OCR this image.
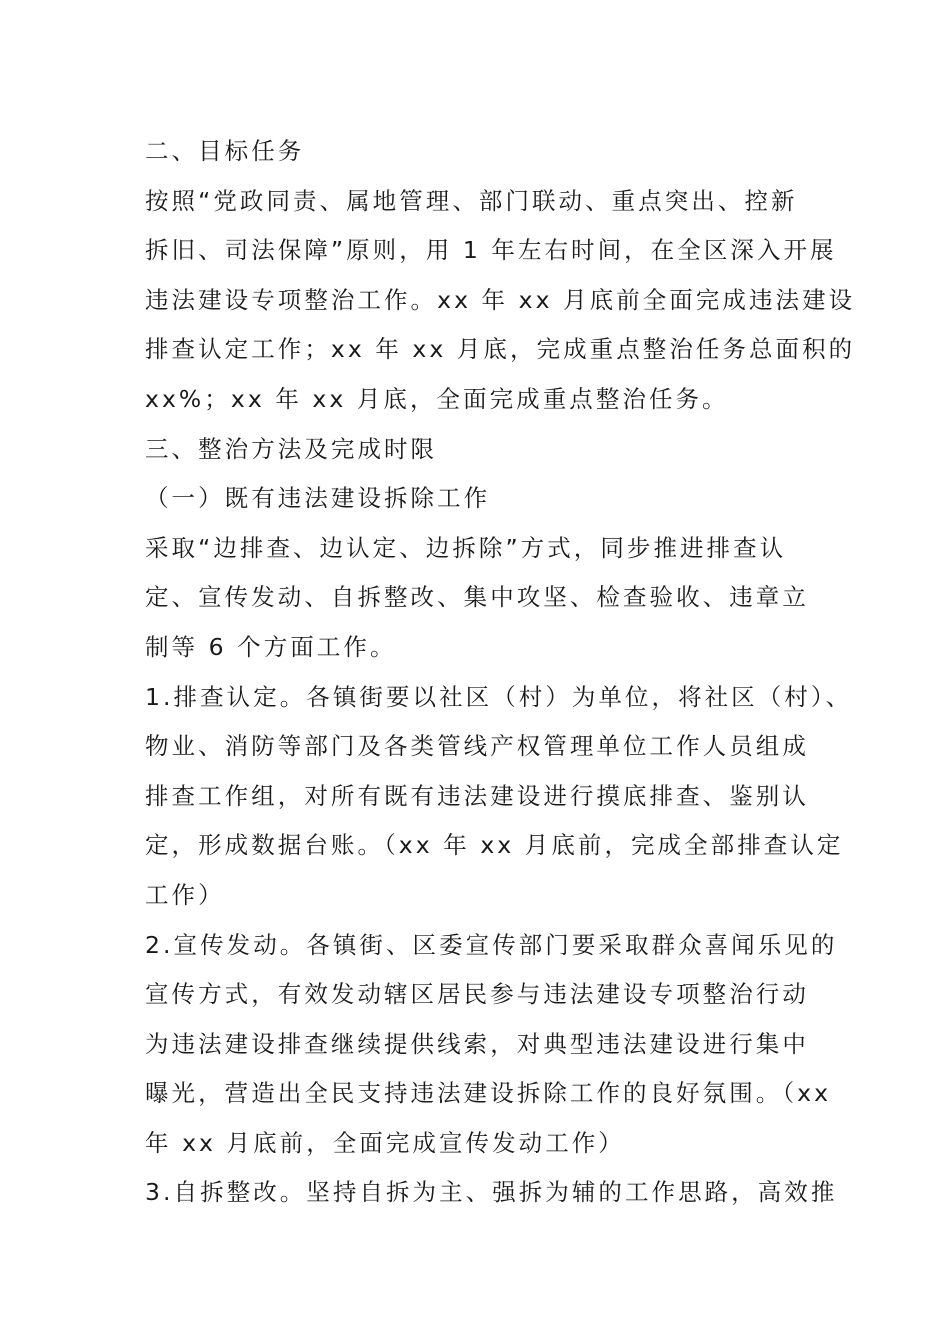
二、目标任务
按照“党政同责、属地管理、部门联动、重点突出、控新
拆旧、司法保障”原则，用 1 年左右时间，在全区深入开展
违法建设专项整治工作。xx 年 xx 月底前全面完成违法建设
排查认定工作；xx 年 xx 月底，完成重点整治任务总面积的
xx%；xx 年 xx 月底，全面完成重点整治任务。
三、整治方法及完成时限
（一）既有违法建设拆除工作
采取“边排查、边认定、边拆除”方式，同步推进排查认
定、宣传发动、自拆整改、集中攻坚、检查验收、违章立
制等 6 个方面工作。
1.排查认定。各镇街要以社区（村）为单位，将社区（村）、
物业、消防等部门及各类管线产权管理单位工作人员组成
排查工作组，对所有既有违法建设进行摸底排查、鉴别认
定，形成数据台账。（xx 年 xx 月底前，完成全部排查认定
工作）
2.宣传发动。各镇街、区委宣传部门要采取群众喜闻乐见的
宣传方式，有效发动辖区居民参与违法建设专项整治行动
为违法建设排查继续提供线索，对典型违法建设进行集中
曝光，营造出全民支持违法建设拆除工作的良好氛围。（xx
年 xx 月底前，全面完成宣传发动工作）
3.自拆整改。坚持自拆为主、强拆为辅的工作思路，高效推
